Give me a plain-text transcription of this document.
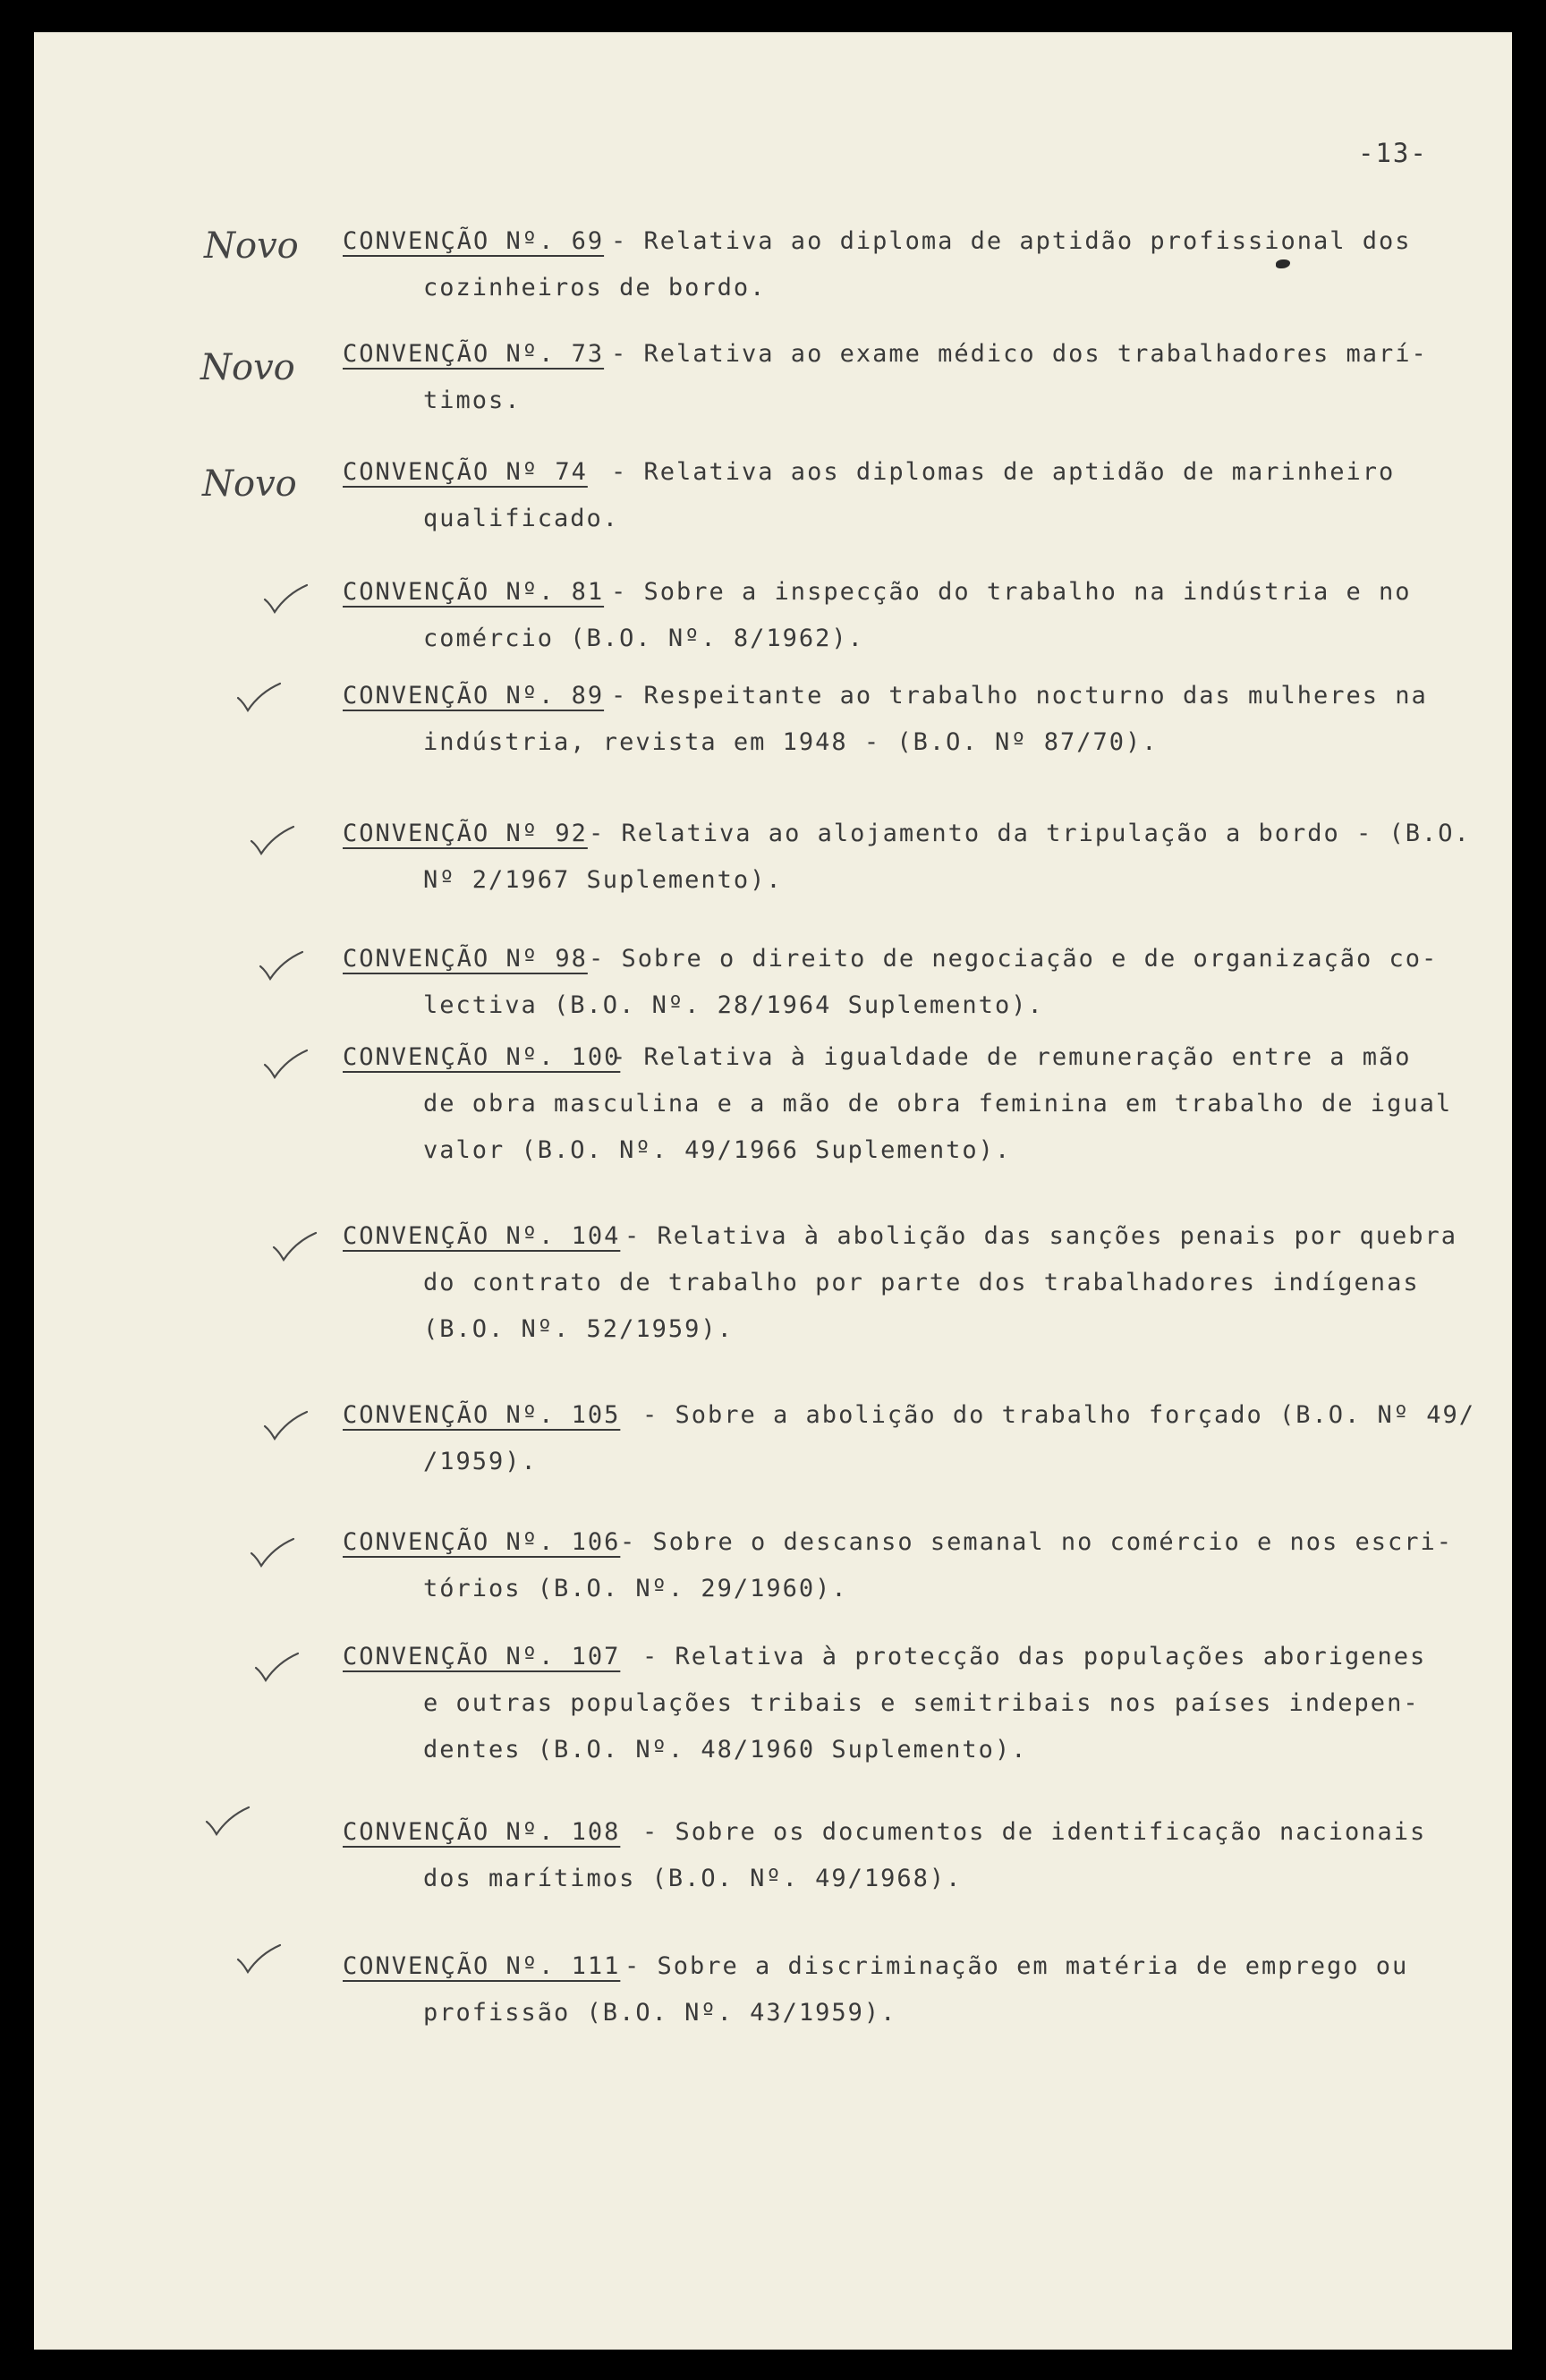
-13-
Novo CONVENÇÃO Nº. 69 - Relativa ao diploma de aptidão profissional dos
cozinheiros de bordo.
Novo CONVENÇÃO Nº. 73 - Relativa ao exame médico dos trabalhadores marí-
timos.
Novo CONVENÇÃO Nº 74 - Relativa aos diplomas de aptidão de marinheiro
qualificado.
CONVENÇÃO Nº. 81 - Sobre a inspecção do trabalho na indústria e no
comércio (B.O. Nº. 8/1962).
CONVENÇÃO Nº. 89 - Respeitante ao trabalho nocturno das mulheres na
indústria, revista em 1948 - (B.O. Nº 87/70).
CONVENÇÃO Nº 92 - Relativa ao alojamento da tripulação a bordo - (B.O.
Nº 2/1967 Suplemento).
CONVENÇÃO Nº 98 - Sobre o direito de negociação e de organização co-
lectiva (B.O. Nº. 28/1964 Suplemento).
CONVENÇÃO Nº. 100
- Relativa à igualdade de remuneração entre a mão
de obra masculina e a mão de obra feminina em trabalho de igual
valor (B.O. Nº. 49/1966 Suplemento).
CONVENÇÃO Nº. 104 - Relativa à abolição das sanções penais por quebra
do contrato de trabalho por parte dos trabalhadores indígenas
(B.O. Nº. 52/1959).
CONVENÇÃO Nº. 105 - Sobre a abolição do trabalho forçado (B.O. Nº 49/
/1959).
CONVENÇÃO Nº. 106 - Sobre o descanso semanal no comércio e nos escri-
tórios (B.O. Nº. 29/1960).
CONVENÇÃO Nº. 107 - Relativa à protecção das populações aborigenes
e outras populações tribais e semitribais nos países indepen-
dentes (B.O. Nº. 48/1960 Suplemento).
CONVENÇÃO Nº. 108 - Sobre os documentos de identificação nacionais
dos marítimos (B.O. Nº. 49/1968).
CONVENÇÃO Nº. 111 - Sobre a discriminação em matéria de emprego ou
profissão (B.O. Nº. 43/1959).
